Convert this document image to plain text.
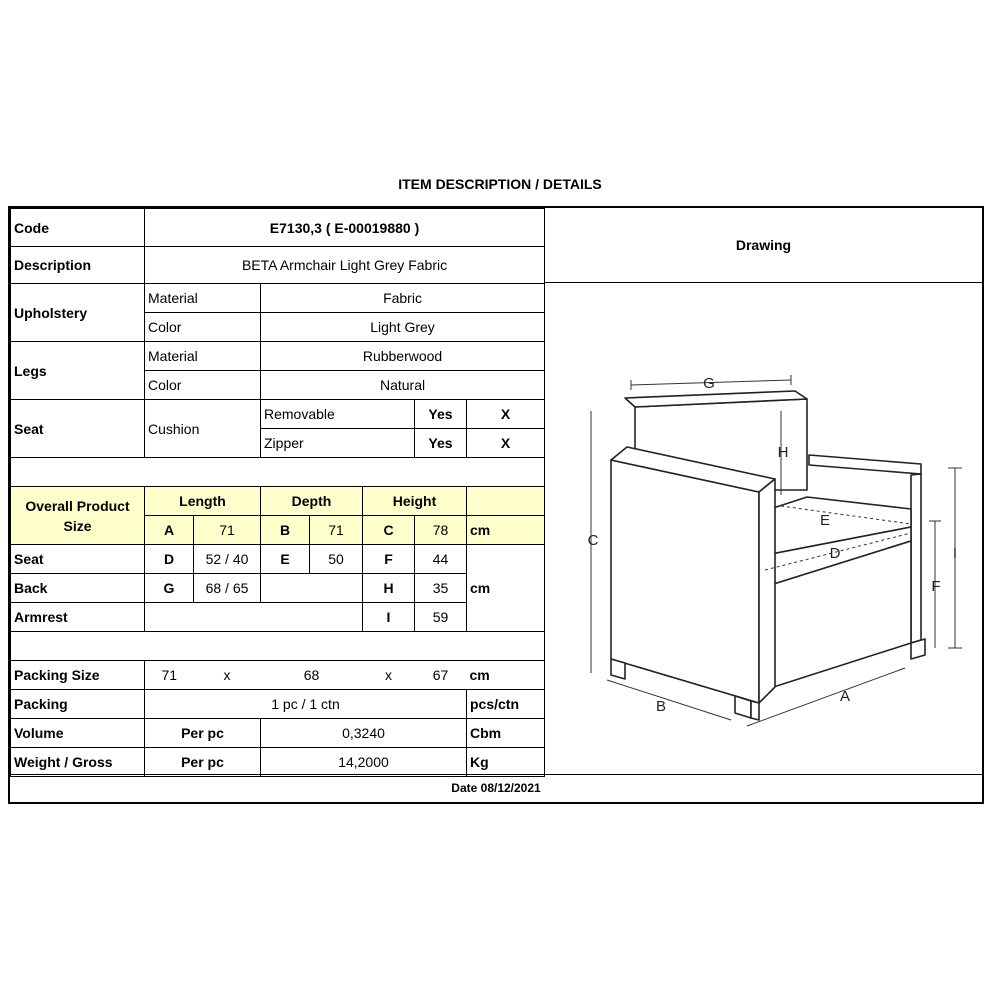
ITEM DESCRIPTION / DETAILS
Code	E7130,3 ( E-00019880 )						
Description	BETA Armchair Light Grey Fabric						
Upholstery	Material		Fabric				
	Color		Light Grey				
Legs	Material		Rubberwood				
	Color		Natural				
Seat	Cushion		Removable			Yes	X
			Zipper			Yes	X

Overall Product Size	Length		Depth		Height		
	A	71	B	71	C	78	cm
Seat	D	52 / 40	E	50	F	44	cm
Back	G	68 / 65			H	35	
Armrest					I	59	

Packing Size	71	x	68		x	67	cm
Packing	1 pc / 1 ctn						pcs/ctn
Volume	Per pc		0,3240				Cbm
Weight / Gross	Per pc		14,2000				Kg
Drawing
G
H
E
D
C
I
F
B
A
Date 08/12/2021
